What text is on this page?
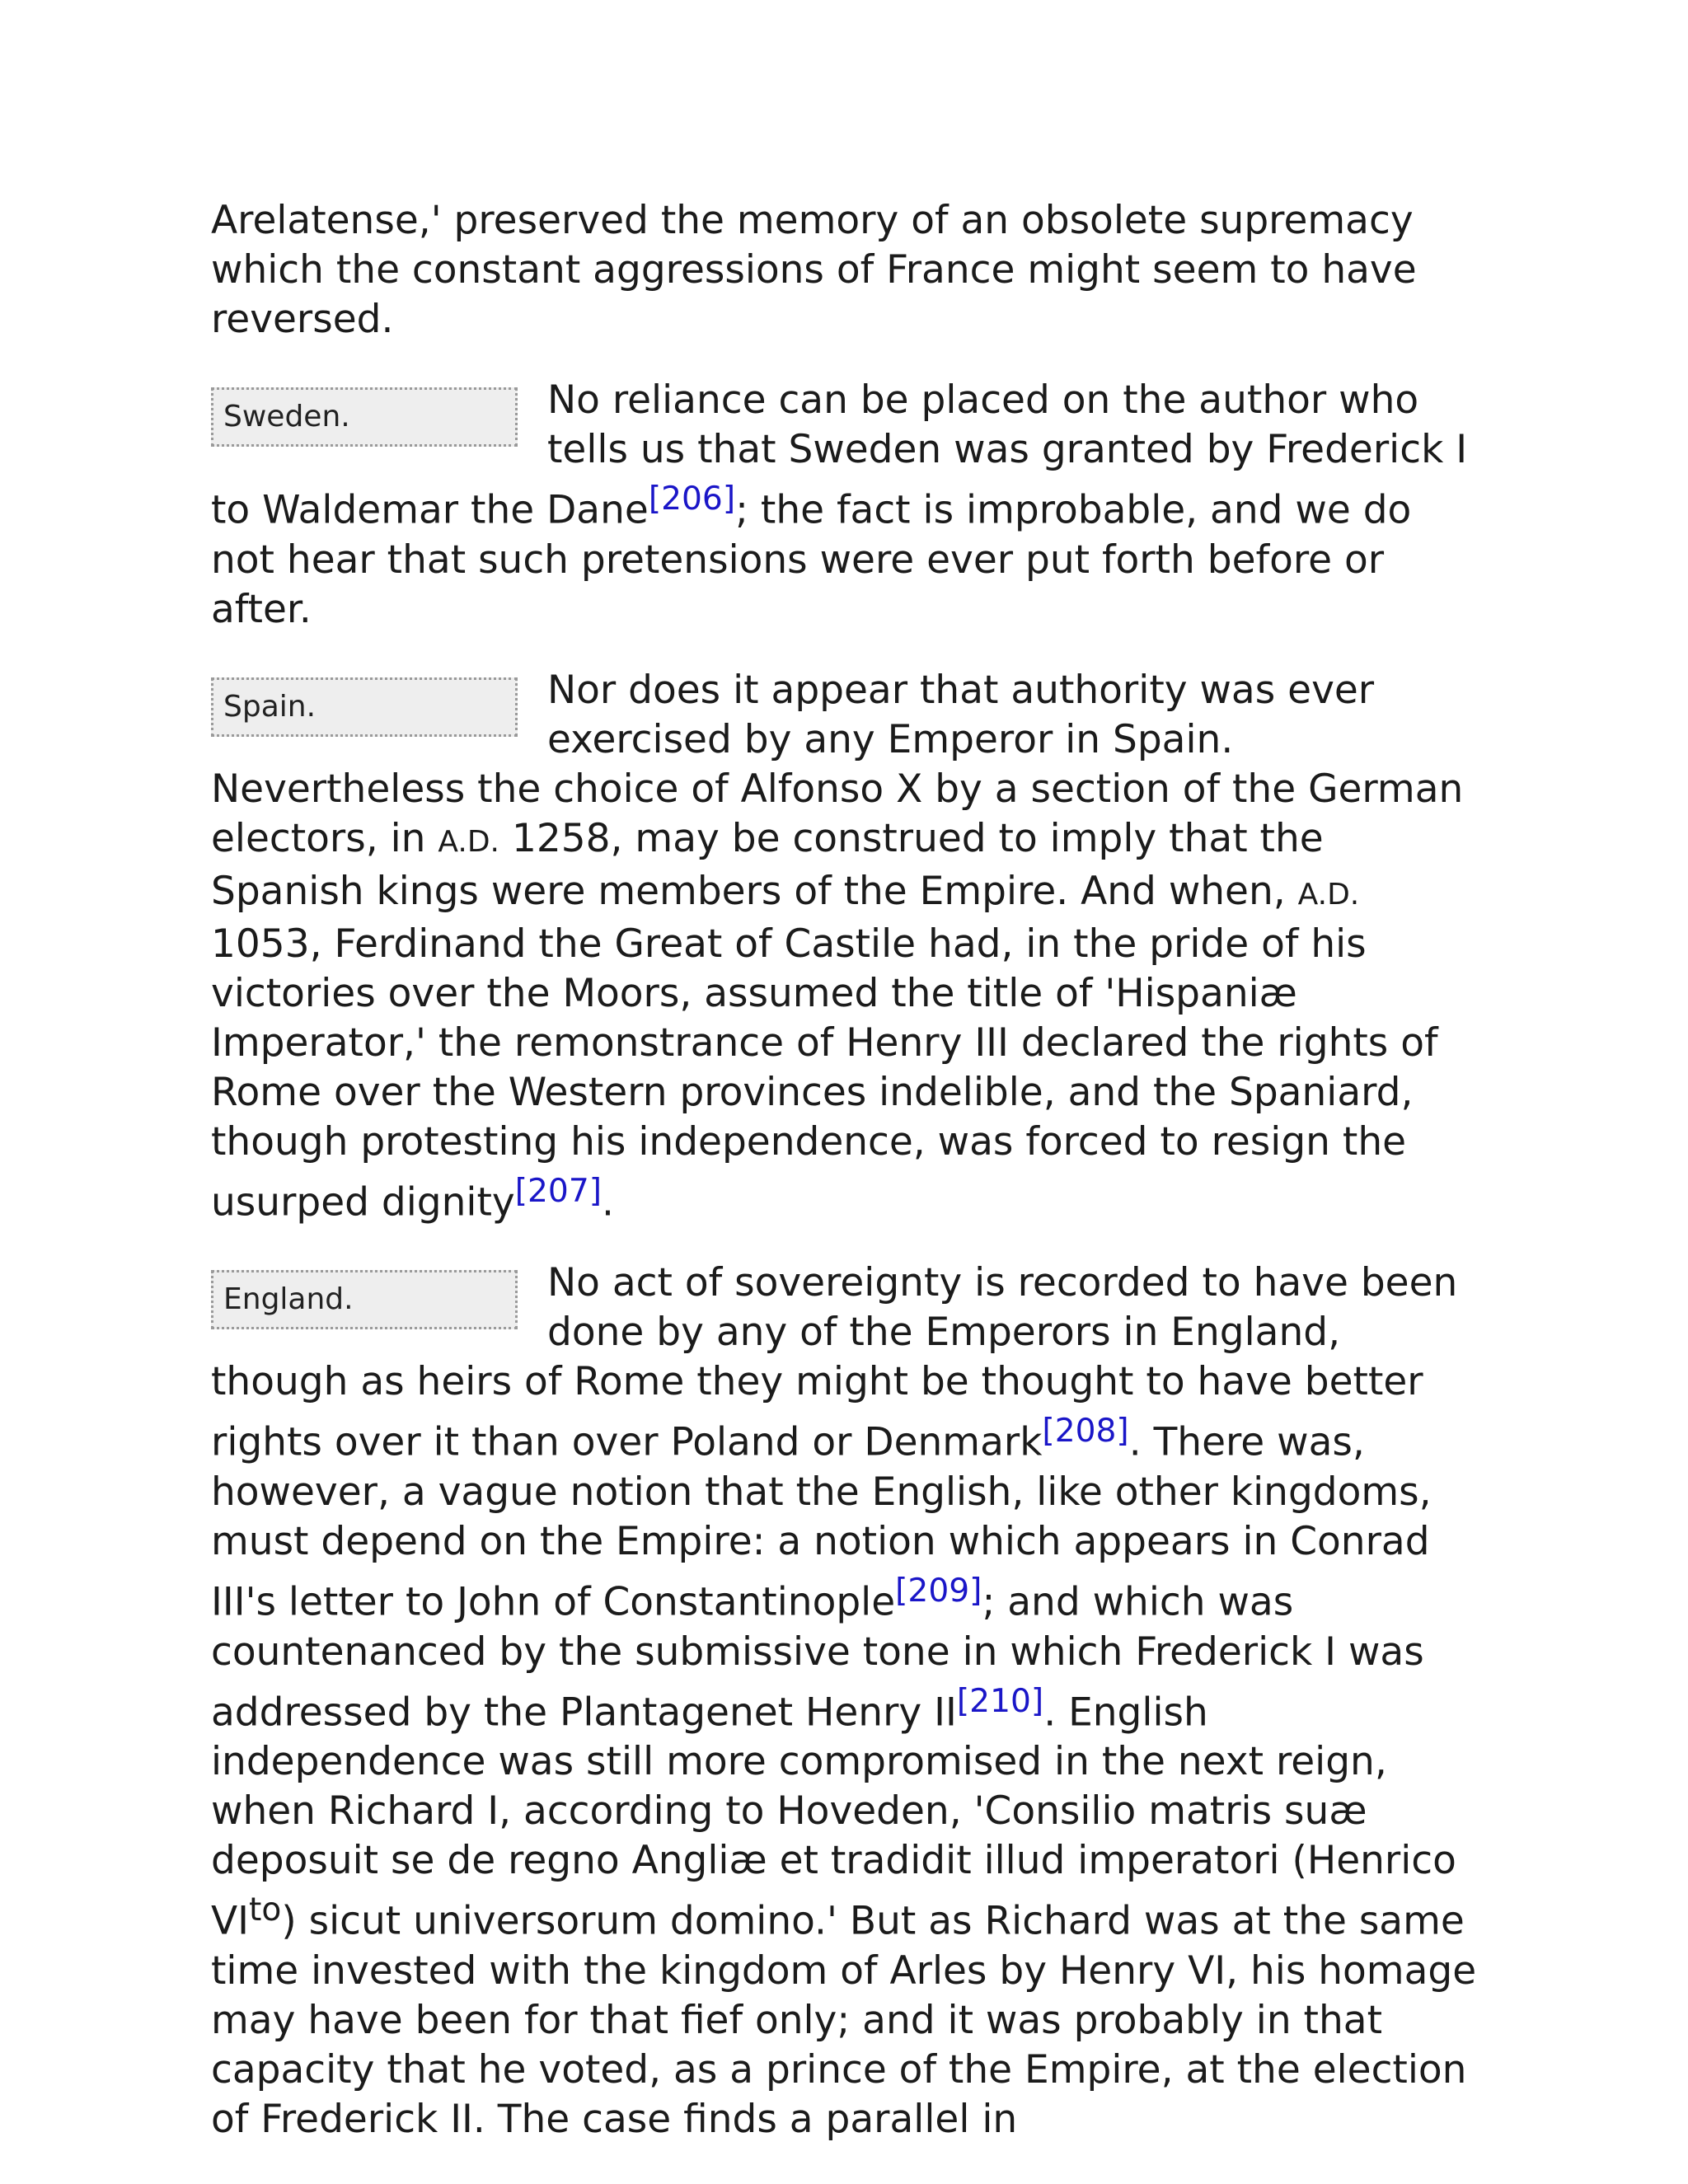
Arelatense,' preserved the memory of an obsolete supremacy which the constant aggressions of France might seem to have reversed.

Sweden.	No reliance can be placed on the author who tells us that Sweden was granted by Frederick I to Waldemar the Dane[206]; the fact is improbable, and we do not hear that such pretensions were ever put forth before or after.

Spain.	Nor does it appear that authority was ever exercised by any Emperor in Spain. Nevertheless the choice of Alfonso X by a section of the German electors, in A.D. 1258, may be construed to imply that the Spanish kings were members of the Empire. And when, A.D. 1053, Ferdinand the Great of Castile had, in the pride of his victories over the Moors, assumed the title of 'Hispaniæ Imperator,' the remonstrance of Henry III declared the rights of Rome over the Western provinces indelible, and the Spaniard, though protesting his independence, was forced to resign the usurped dignity[207].

England.	No act of sovereignty is recorded to have been done by any of the Emperors in England, though as heirs of Rome they might be thought to have better rights over it than over Poland or Denmark[208]. There was, however, a vague notion that the English, like other kingdoms, must depend on the Empire: a notion which appears in Conrad III's letter to John of Constantinople[209]; and which was countenanced by the submissive tone in which Frederick I was addressed by the Plantagenet Henry II[210]. English independence was still more compromised in the next reign, when Richard I, according to Hoveden, 'Consilio matris suæ deposuit se de regno Angliæ et tradidit illud imperatori (Henrico $VI^{to}$) sicut universorum domino.' But as Richard was at the same time invested with the kingdom of Arles by Henry VI, his homage may have been for that fief only; and it was probably in that capacity that he voted, as a prince of the Empire, at the election of Frederick II. The case finds a parallel in
